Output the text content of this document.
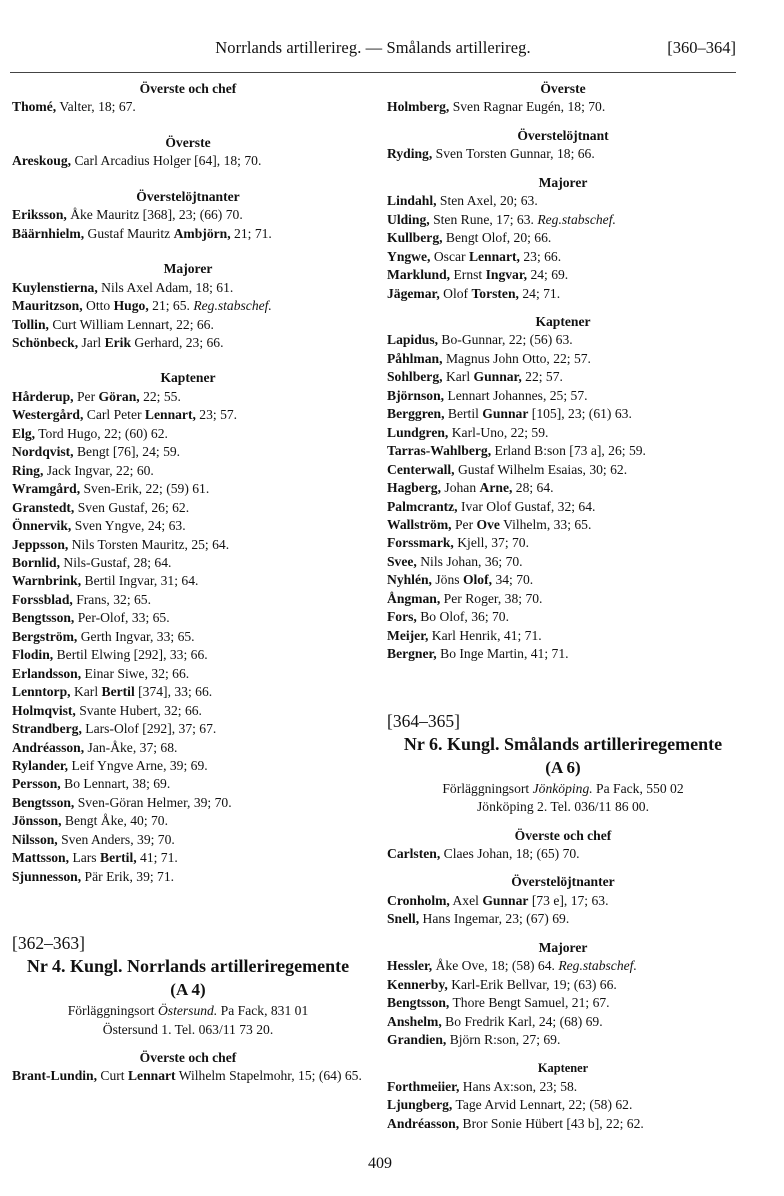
Norrlands artillerireg. — Smålands artillerireg.	[360–364]
Överste och chef
Thomé, Valter, 18; 67.
Överste
Areskoug, Carl Arcadius Holger [64], 18; 70.
Överstelöjtnanter
Eriksson, Åke Mauritz [368], 23; (66) 70.
Bäärnhielm, Gustaf Mauritz Ambjörn, 21; 71.
Majorer
Kuylenstierna, Nils Axel Adam, 18; 61.
Mauritzson, Otto Hugo, 21; 65. Reg.stabschef.
Tollin, Curt William Lennart, 22; 66.
Schönbeck, Jarl Erik Gerhard, 23; 66.
Kaptener
Hårderup, Per Göran, 22; 55.
Westergård, Carl Peter Lennart, 23; 57.
Elg, Tord Hugo, 22; (60) 62.
Nordqvist, Bengt [76], 24; 59.
Ring, Jack Ingvar, 22; 60.
Wramgård, Sven-Erik, 22; (59) 61.
Granstedt, Sven Gustaf, 26; 62.
Önnervik, Sven Yngve, 24; 63.
Jeppsson, Nils Torsten Mauritz, 25; 64.
Bornlid, Nils-Gustaf, 28; 64.
Warnbrink, Bertil Ingvar, 31; 64.
Forssblad, Frans, 32; 65.
Bengtsson, Per-Olof, 33; 65.
Bergström, Gerth Ingvar, 33; 65.
Flodin, Bertil Elwing [292], 33; 66.
Erlandsson, Einar Siwe, 32; 66.
Lenntorp, Karl Bertil [374], 33; 66.
Holmqvist, Svante Hubert, 32; 66.
Strandberg, Lars-Olof [292], 37; 67.
Andréasson, Jan-Åke, 37; 68.
Rylander, Leif Yngve Arne, 39; 69.
Persson, Bo Lennart, 38; 69.
Bengtsson, Sven-Göran Helmer, 39; 70.
Jönsson, Bengt Åke, 40; 70.
Nilsson, Sven Anders, 39; 70.
Mattsson, Lars Bertil, 41; 71.
Sjunnesson, Pär Erik, 39; 71.
[362–363]
Nr 4. Kungl. Norrlands artilleriregemente
(A 4)
Förläggningsort Östersund. Pa Fack, 831 01
Östersund 1. Tel. 063/11 73 20.
Överste och chef
Brant-Lundin, Curt Lennart Wilhelm Stapelmohr, 15; (64) 65.
Överste
Holmberg, Sven Ragnar Eugén, 18; 70.
Överstelöjtnant
Ryding, Sven Torsten Gunnar, 18; 66.
Majorer
Lindahl, Sten Axel, 20; 63.
Ulding, Sten Rune, 17; 63. Reg.stabschef.
Kullberg, Bengt Olof, 20; 66.
Yngwe, Oscar Lennart, 23; 66.
Marklund, Ernst Ingvar, 24; 69.
Jägemar, Olof Torsten, 24; 71.
Kaptener
Lapidus, Bo-Gunnar, 22; (56) 63.
Påhlman, Magnus John Otto, 22; 57.
Sohlberg, Karl Gunnar, 22; 57.
Björnson, Lennart Johannes, 25; 57.
Berggren, Bertil Gunnar [105], 23; (61) 63.
Lundgren, Karl-Uno, 22; 59.
Tarras-Wahlberg, Erland B:son [73 a], 26; 59.
Centerwall, Gustaf Wilhelm Esaias, 30; 62.
Hagberg, Johan Arne, 28; 64.
Palmcrantz, Ivar Olof Gustaf, 32; 64.
Wallström, Per Ove Vilhelm, 33; 65.
Forssmark, Kjell, 37; 70.
Svee, Nils Johan, 36; 70.
Nyhlén, Jöns Olof, 34; 70.
Ångman, Per Roger, 38; 70.
Fors, Bo Olof, 36; 70.
Meijer, Karl Henrik, 41; 71.
Bergner, Bo Inge Martin, 41; 71.
[364–365]
Nr 6. Kungl. Smålands artilleriregemente
(A 6)
Förläggningsort Jönköping. Pa Fack, 550 02
Jönköping 2. Tel. 036/11 86 00.
Överste och chef
Carlsten, Claes Johan, 18; (65) 70.
Överstelöjtnanter
Cronholm, Axel Gunnar [73 e], 17; 63.
Snell, Hans Ingemar, 23; (67) 69.
Majorer
Hessler, Åke Ove, 18; (58) 64. Reg.stabschef.
Kennerby, Karl-Erik Bellvar, 19; (63) 66.
Bengtsson, Thore Bengt Samuel, 21; 67.
Anshelm, Bo Fredrik Karl, 24; (68) 69.
Grandien, Björn R:son, 27; 69.
Kaptener
Forthmeiier, Hans Ax:son, 23; 58.
Ljungberg, Tage Arvid Lennart, 22; (58) 62.
Andréasson, Bror Sonie Hübert [43 b], 22; 62.
409
